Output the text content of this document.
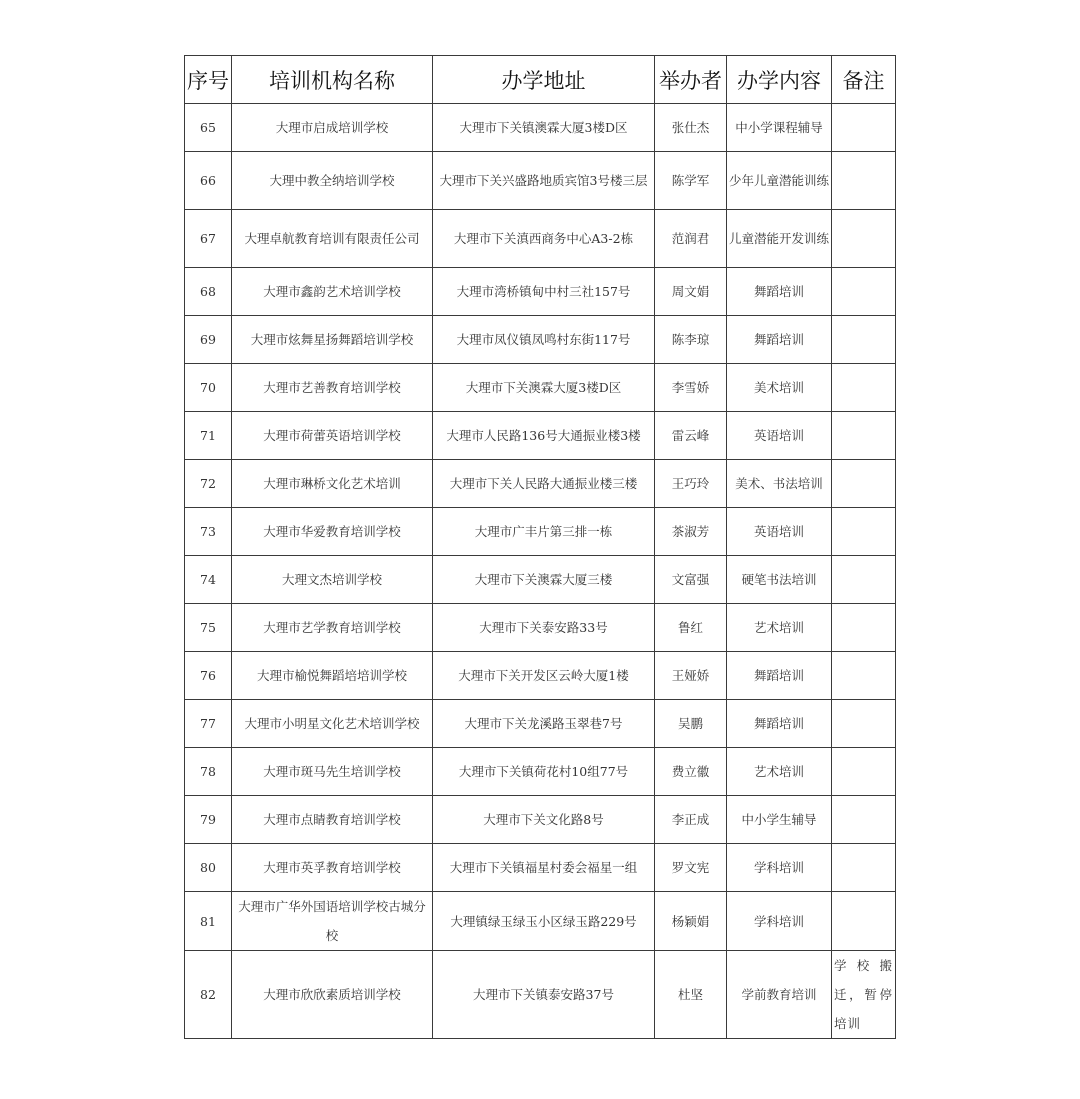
序号	培训机构名称	办学地址	举办者	办学内容	备注
65	大理市启成培训学校	大理市下关镇澳霖大厦3楼D区	张仕杰	中小学课程辅导	
66	大理中教全纳培训学校	大理市下关兴盛路地质宾馆3号楼三层	陈学军	少年儿童潜能训练	
67	大理卓航教育培训有限责任公司	大理市下关滇西商务中心A3-2栋	范润君	儿童潜能开发训练	
68	大理市鑫韵艺术培训学校	大理市湾桥镇甸中村三社157号	周文娟	舞蹈培训	
69	大理市炫舞星扬舞蹈培训学校	大理市凤仪镇凤鸣村东街117号	陈李琼	舞蹈培训	
70	大理市艺善教育培训学校	大理市下关澳霖大厦3楼D区	李雪娇	美术培训	
71	大理市荷蕾英语培训学校	大理市人民路136号大通振业楼3楼	雷云峰	英语培训	
72	大理市琳桥文化艺术培训	大理市下关人民路大通振业楼三楼	王巧玲	美术、书法培训	
73	大理市华爱教育培训学校	大理市广丰片第三排一栋	茶淑芳	英语培训	
74	大理文杰培训学校	大理市下关澳霖大厦三楼	文富强	硬笔书法培训	
75	大理市艺学教育培训学校	大理市下关泰安路33号	鲁红	艺术培训	
76	大理市榆悦舞蹈培培训学校	大理市下关开发区云岭大厦1楼	王娅娇	舞蹈培训	
77	大理市小明星文化艺术培训学校	大理市下关龙溪路玉翠巷7号	吴鹏	舞蹈培训	
78	大理市斑马先生培训学校	大理市下关镇荷花村10组77号	费立徽	艺术培训	
79	大理市点睛教育培训学校	大理市下关文化路8号	李正成	中小学生辅导	
80	大理市英孚教育培训学校	大理市下关镇福星村委会福星一组	罗文宪	学科培训	
81	大理市广华外国语培训学校古城分校	大理镇绿玉绿玉小区绿玉路229号	杨颖娟	学科培训	
82	大理市欣欣素质培训学校	大理市下关镇泰安路37号	杜坚	学前教育培训	学校搬迁，暂停培训
